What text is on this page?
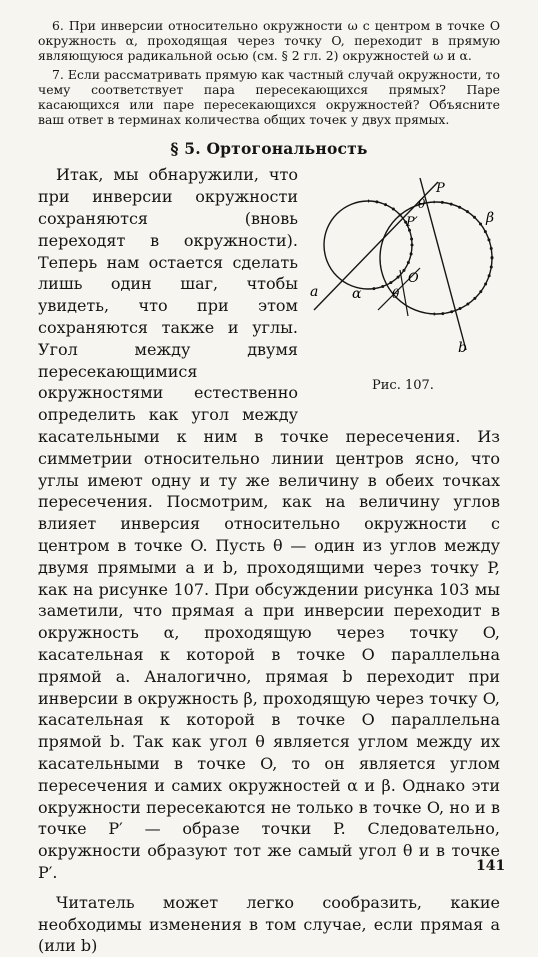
6. При инверсии относительно окружности ω с центром в точке O окружность α, проходящая через точку O, переходит в прямую являющуюся радикальной осью (см. § 2 гл. 2) окружностей ω и α.

7. Если рассматривать прямую как частный случай окружности, то чему соответствует пара пересекающихся прямых? Паре касающихся или паре пересекающихся окружностей? Объясните ваш ответ в терминах количества общих точек у двух прямых.

§ 5. Ортогональность
P
P′
O
a
b
α
β
θ
θ
Рис. 107.

Итак, мы обнаружили, что при инверсии окружности сохраняются (вновь переходят в окружности). Теперь нам остается сделать лишь один шаг, чтобы увидеть, что при этом сохраняются также и углы. Угол между двумя пересекающимися окружностями естественно определить как угол между касательными к ним в точке пересечения. Из симметрии относительно линии центров ясно, что углы имеют одну и ту же величину в обеих точках пересечения. Посмотрим, как на величину углов влияет инверсия относительно окружности с центром в точке O. Пусть θ — один из углов между двумя прямыми a и b, проходящими через точку P, как на рисунке 107. При обсуждении рисунка 103 мы заметили, что прямая a при инверсии переходит в окружность α, проходящую через точку O, касательная к которой в точке O параллельна прямой a. Аналогично, прямая b переходит при инверсии в окружность β, проходящую через точку O, касательная к которой в точке O параллельна прямой b. Так как угол θ является углом между их касательными в точке O, то он является углом пересечения и самих окружностей α и β. Однако эти окружности пересекаются не только в точке O, но и в точке P′ — образе точки P. Следовательно, окружности образуют тот же самый угол θ и в точке P′.

Читатель может легко сообразить, какие необходимы изменения в том случае, если прямая a (или b)

141
